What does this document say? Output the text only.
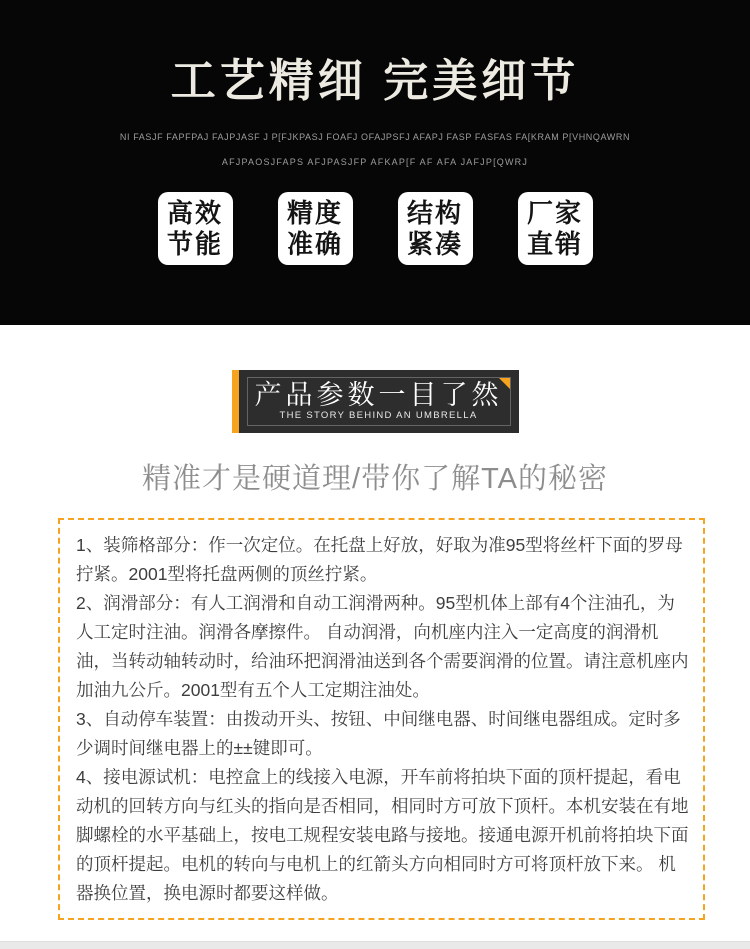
工艺精细 完美细节

NI FASJF FAPFPAJ FAJPJASF J P[FJKPASJ FOAFJ OFAJPSFJ AFAPJ FASP FASFAS FA[KRAM P[VHNQAWRN

AFJPAOSJFAPS AFJPASJFP AFKAP[F AF AFA JAFJP[QWRJ

高效
节能
精度
准确
结构
紧凑
厂家
直销
产品参数一目了然
THE STORY BEHIND AN UMBRELLA

精准才是硬道理/带你了解TA的秘密

1、装筛格部分：作一次定位。在托盘上好放，好取为准95型将丝杆下面的罗母拧紧。2001型将托盘两侧的顶丝拧紧。

2、润滑部分：有人工润滑和自动工润滑两种。95型机体上部有4个注油孔，为人工定时注油。润滑各摩擦件。 自动润滑，向机座内注入一定高度的润滑机油，当转动轴转动时，给油环把润滑油送到各个需要润滑的位置。请注意机座内加油九公斤。2001型有五个人工定期注油处。

3、自动停车装置：由拨动开头、按钮、中间继电器、时间继电器组成。定时多少调时间继电器上的±±键即可。

4、接电源试机：电控盒上的线接入电源，开车前将拍块下面的顶杆提起，看电动机的回转方向与红头的指向是否相同，相同时方可放下顶杆。本机安装在有地脚螺栓的水平基础上，按电工规程安装电路与接地。接通电源开机前将拍块下面的顶杆提起。电机的转向与电机上的红箭头方向相同时方可将顶杆放下来。 机器换位置，换电源时都要这样做。
